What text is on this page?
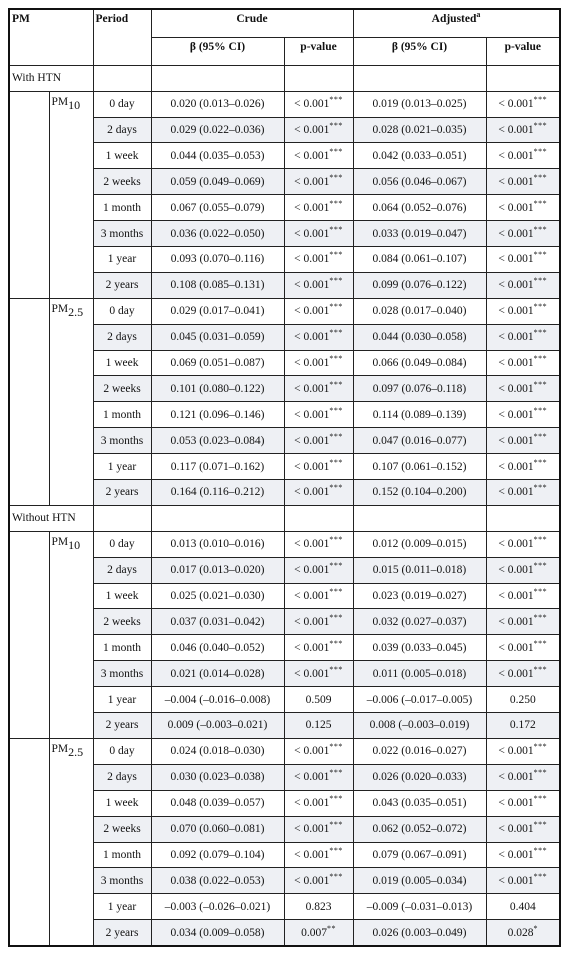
PM		Period	Crude		Adjusted$^a$
			β (95% CI)	p-value	β (95% CI)	p-value
With HTN						
	PM10	0 day	0.020 (0.013–0.026)	< 0.001***	0.019 (0.013–0.025)	< 0.001***
		2 days	0.029 (0.022–0.036)	< 0.001***	0.028 (0.021–0.035)	< 0.001***
		1 week	0.044 (0.035–0.053)	< 0.001***	0.042 (0.033–0.051)	< 0.001***
		2 weeks	0.059 (0.049–0.069)	< 0.001***	0.056 (0.046–0.067)	< 0.001***
		1 month	0.067 (0.055–0.079)	< 0.001***	0.064 (0.052–0.076)	< 0.001***
		3 months	0.036 (0.022–0.050)	< 0.001***	0.033 (0.019–0.047)	< 0.001***
		1 year	0.093 (0.070–0.116)	< 0.001***	0.084 (0.061–0.107)	< 0.001***
		2 years	0.108 (0.085–0.131)	< 0.001***	0.099 (0.076–0.122)	< 0.001***
	PM2.5	0 day	0.029 (0.017–0.041)	< 0.001***	0.028 (0.017–0.040)	< 0.001***
		2 days	0.045 (0.031–0.059)	< 0.001***	0.044 (0.030–0.058)	< 0.001***
		1 week	0.069 (0.051–0.087)	< 0.001***	0.066 (0.049–0.084)	< 0.001***
		2 weeks	0.101 (0.080–0.122)	< 0.001***	0.097 (0.076–0.118)	< 0.001***
		1 month	0.121 (0.096–0.146)	< 0.001***	0.114 (0.089–0.139)	< 0.001***
		3 months	0.053 (0.023–0.084)	< 0.001***	0.047 (0.016–0.077)	< 0.001***
		1 year	0.117 (0.071–0.162)	< 0.001***	0.107 (0.061–0.152)	< 0.001***
		2 years	0.164 (0.116–0.212)	< 0.001***	0.152 (0.104–0.200)	< 0.001***
Without HTN						
	PM10	0 day	0.013 (0.010–0.016)	< 0.001***	0.012 (0.009–0.015)	< 0.001***
		2 days	0.017 (0.013–0.020)	< 0.001***	0.015 (0.011–0.018)	< 0.001***
		1 week	0.025 (0.021–0.030)	< 0.001***	0.023 (0.019–0.027)	< 0.001***
		2 weeks	0.037 (0.031–0.042)	< 0.001***	0.032 (0.027–0.037)	< 0.001***
		1 month	0.046 (0.040–0.052)	< 0.001***	0.039 (0.033–0.045)	< 0.001***
		3 months	0.021 (0.014–0.028)	< 0.001***	0.011 (0.005–0.018)	< 0.001***
		1 year	–0.004 (–0.016–0.008)	0.509	–0.006 (–0.017–0.005)	0.250
		2 years	0.009 (–0.003–0.021)	0.125	0.008 (–0.003–0.019)	0.172
	PM2.5	0 day	0.024 (0.018–0.030)	< 0.001***	0.022 (0.016–0.027)	< 0.001***
		2 days	0.030 (0.023–0.038)	< 0.001***	0.026 (0.020–0.033)	< 0.001***
		1 week	0.048 (0.039–0.057)	< 0.001***	0.043 (0.035–0.051)	< 0.001***
		2 weeks	0.070 (0.060–0.081)	< 0.001***	0.062 (0.052–0.072)	< 0.001***
		1 month	0.092 (0.079–0.104)	< 0.001***	0.079 (0.067–0.091)	< 0.001***
		3 months	0.038 (0.022–0.053)	< 0.001***	0.019 (0.005–0.034)	< 0.001***
		1 year	–0.003 (–0.026–0.021)	0.823	–0.009 (–0.031–0.013)	0.404
		2 years	0.034 (0.009–0.058)	0.007**	0.026 (0.003–0.049)	0.028*
